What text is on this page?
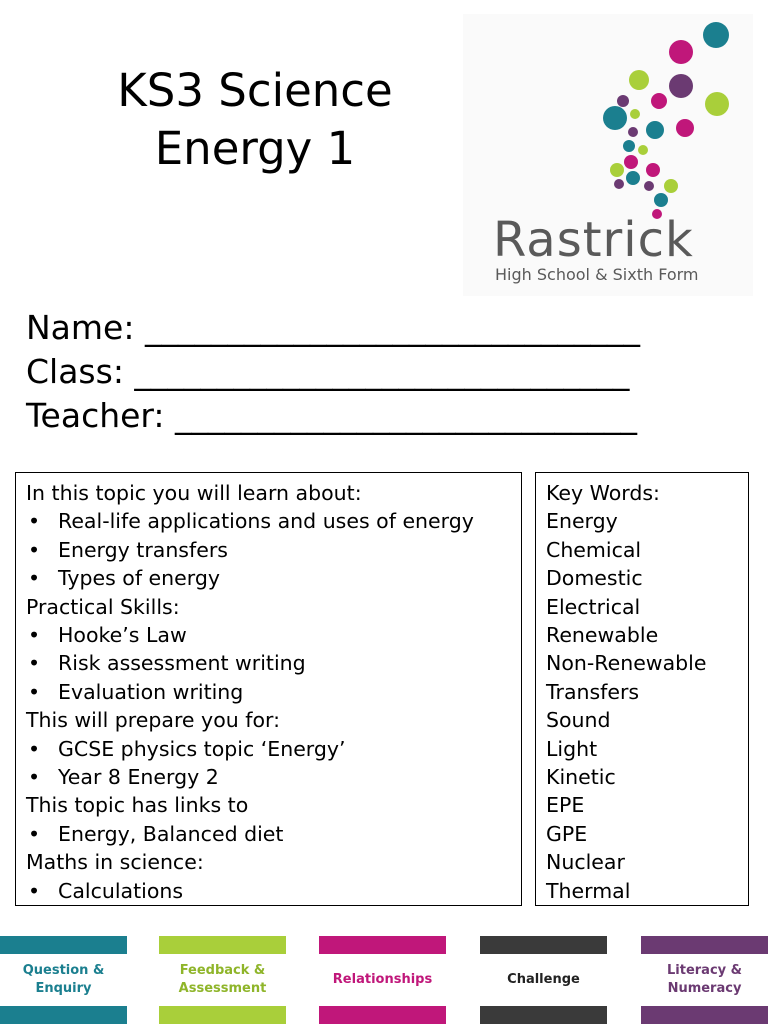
KS3 Science
Energy 1
Rastrick
High School & Sixth Form
Name: ______________________________
Class: ______________________________
Teacher: ____________________________
In this topic you will learn about:
• Real-life applications and uses of energy
• Energy transfers
• Types of energy
Practical Skills:
• Hooke’s Law
• Risk assessment writing
• Evaluation writing
This will prepare you for:
• GCSE physics topic ‘Energy’
• Year 8 Energy 2
This topic has links to
• Energy, Balanced diet
Maths in science:
• Calculations
Key Words:
Energy
Chemical
Domestic
Electrical
Renewable
Non-Renewable
Transfers
Sound
Light
Kinetic
EPE
GPE
Nuclear
Thermal
Question &
Enquiry
Feedback &
Assessment
Relationships	Challenge
Literacy &
Numeracy
